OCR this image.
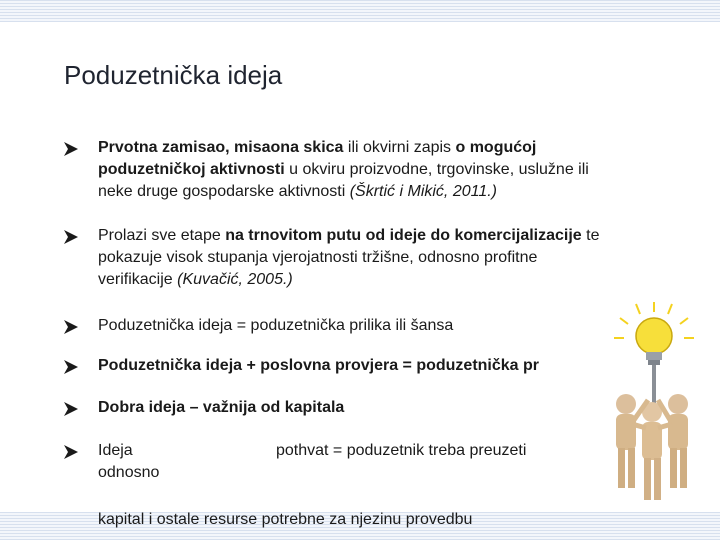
Poduzetnička ideja
Prvotna zamisao, misaona skica ili okvirni zapis o mogućoj
poduzetničkoj aktivnosti u okviru proizvodne, trgovinske, uslužne ili
neke druge gospodarske aktivnosti (Škrtić i Mikić, 2011.)
Prolazi sve etape na trnovitom putu od ideje do komercijalizacije te
pokazuje visok stupanja vjerojatnosti tržišne, odnosno profitne
verifikacije (Kuvačić, 2005.)
Poduzetnička ideja = poduzetnička prilika ili šansa
Poduzetnička ideja + poslovna provjera = poduzetnička pr
Dobra ideja – važnija od kapitala
Ideja
odnosno
pothvat = poduzetnik treba preuzeti
kapital i ostale resurse potrebne za njezinu provedbu
